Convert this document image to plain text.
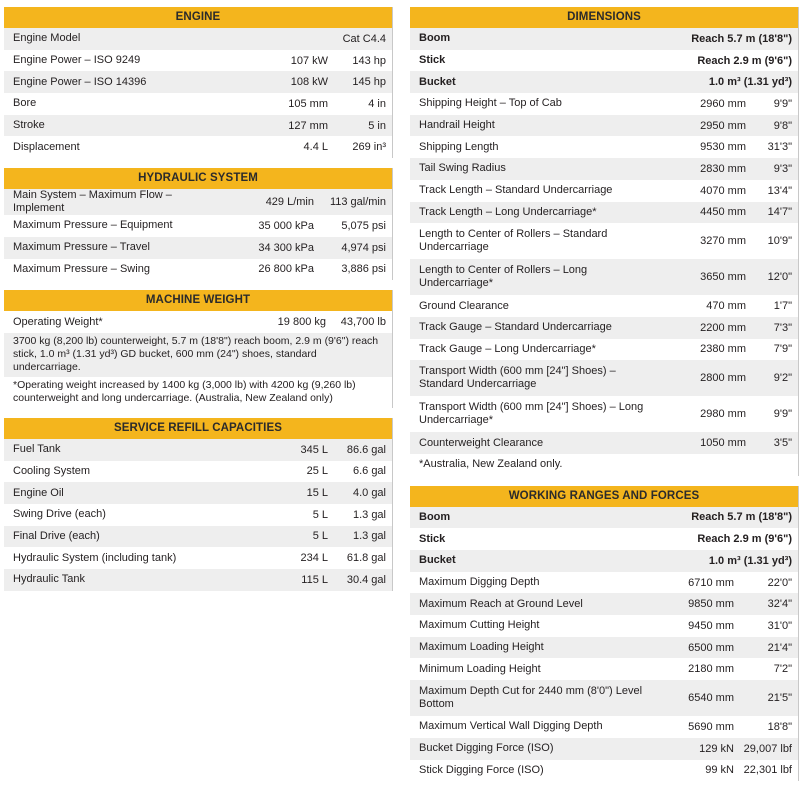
ENGINE
Engine Model	Cat C4.4
Engine Power – ISO 9249	107 kW	143 hp
Engine Power – ISO 14396	108 kW	145 hp
Bore	105 mm	4 in
Stroke	127 mm	5 in
Displacement	4.4 L	269 in³
HYDRAULIC SYSTEM
Main System – Maximum Flow – Implement	429 L/min	113 gal/min
Maximum Pressure – Equipment	35 000 kPa	5,075 psi
Maximum Pressure – Travel	34 300 kPa	4,974 psi
Maximum Pressure – Swing	26 800 kPa	3,886 psi
MACHINE WEIGHT
Operating Weight*	19 800 kg	43,700 lb
3700 kg (8,200 lb) counterweight, 5.7 m (18'8") reach boom, 2.9 m (9'6") reach stick, 1.0 m³ (1.31 yd³) GD bucket, 600 mm (24") shoes, standard undercarriage.
*Operating weight increased by 1400 kg (3,000 lb) with 4200 kg (9,260 lb) counterweight and long undercarriage. (Australia, New Zealand only)
SERVICE REFILL CAPACITIES
Fuel Tank	345 L	86.6 gal
Cooling System	25 L	6.6 gal
Engine Oil	15 L	4.0 gal
Swing Drive (each)	5 L	1.3 gal
Final Drive (each)	5 L	1.3 gal
Hydraulic System (including tank)	234 L	61.8 gal
Hydraulic Tank	115 L	30.4 gal
DIMENSIONS
Boom	Reach 5.7 m (18'8")
Stick	Reach 2.9 m (9'6")
Bucket	1.0 m³ (1.31 yd³)
Shipping Height – Top of Cab	2960 mm	9'9"
Handrail Height	2950 mm	9'8"
Shipping Length	9530 mm	31'3"
Tail Swing Radius	2830 mm	9'3"
Track Length – Standard Undercarriage	4070 mm	13'4"
Track Length – Long Undercarriage*	4450 mm	14'7"
Length to Center of Rollers – Standard Undercarriage	3270 mm	10'9"
Length to Center of Rollers – Long Undercarriage*	3650 mm	12'0"
Ground Clearance	470 mm	1'7"
Track Gauge – Standard Undercarriage	2200 mm	7'3"
Track Gauge – Long Undercarriage*	2380 mm	7'9"
Transport Width (600 mm [24"] Shoes) – Standard Undercarriage	2800 mm	9'2"
Transport Width (600 mm [24"] Shoes) – Long Undercarriage*	2980 mm	9'9"
Counterweight Clearance	1050 mm	3'5"
*Australia, New Zealand only.
WORKING RANGES AND FORCES
Boom	Reach 5.7 m (18'8")
Stick	Reach 2.9 m (9'6")
Bucket	1.0 m³ (1.31 yd³)
Maximum Digging Depth	6710 mm	22'0"
Maximum Reach at Ground Level	9850 mm	32'4"
Maximum Cutting Height	9450 mm	31'0"
Maximum Loading Height	6500 mm	21'4"
Minimum Loading Height	2180 mm	7'2"
Maximum Depth Cut for 2440 mm (8'0") Level Bottom	6540 mm	21'5"
Maximum Vertical Wall Digging Depth	5690 mm	18'8"
Bucket Digging Force (ISO)	129 kN 29,007 lbf
Stick Digging Force (ISO)	99 kN 22,301 lbf
